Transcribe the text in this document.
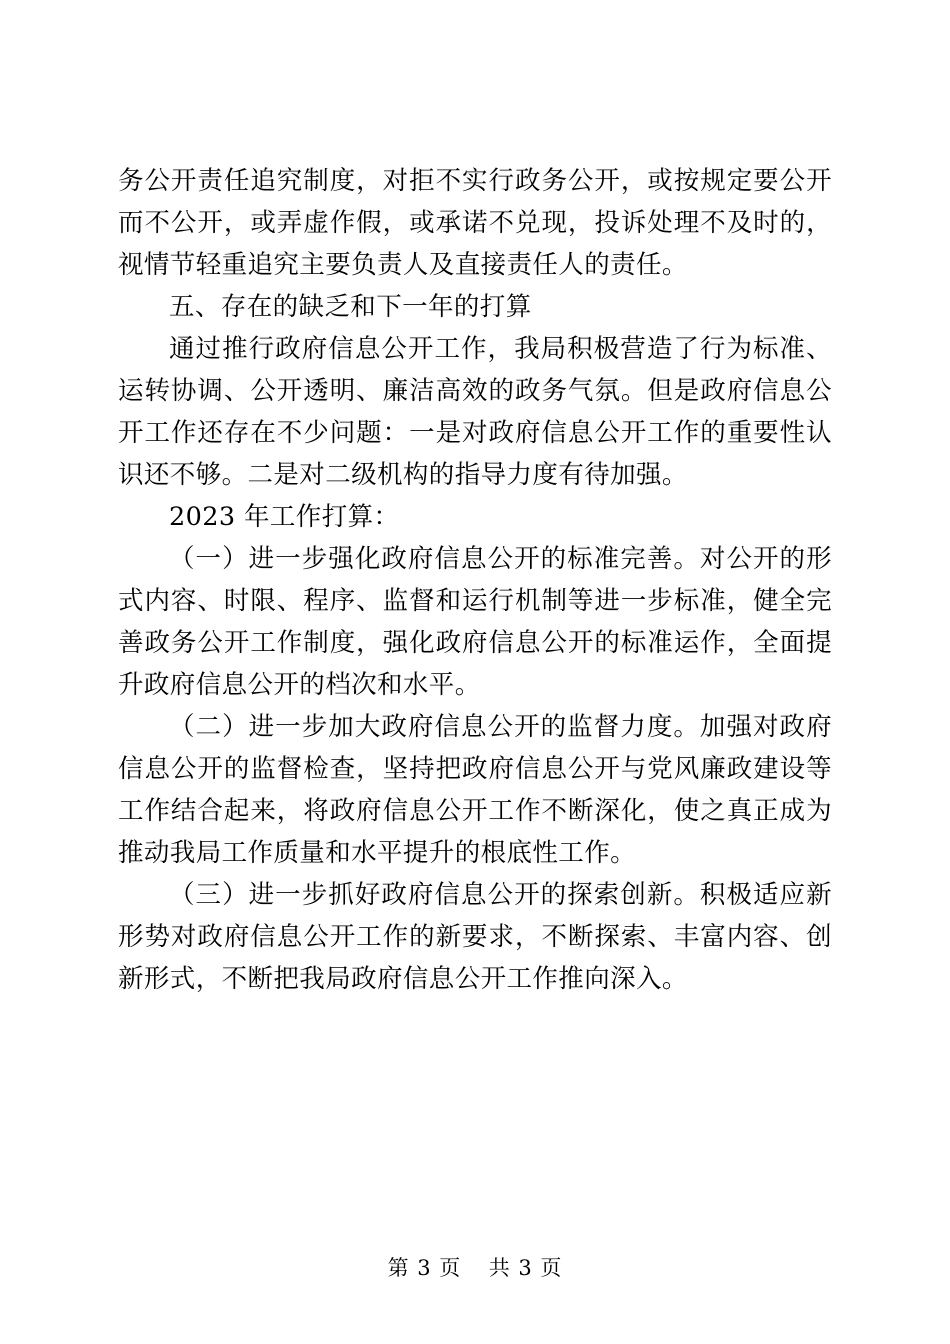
务公开责任追究制度，对拒不实行政务公开，或按规定要公开而不公开，或弄虚作假，或承诺不兑现，投诉处理不及时的，视情节轻重追究主要负责人及直接责任人的责任。

五、存在的缺乏和下一年的打算

通过推行政府信息公开工作，我局积极营造了行为标准、运转协调、公开透明、廉洁高效的政务气氛。但是政府信息公开工作还存在不少问题：一是对政府信息公开工作的重要性认识还不够。二是对二级机构的指导力度有待加强。

2023 年工作打算：

（一）进一步强化政府信息公开的标准完善。对公开的形式内容、时限、程序、监督和运行机制等进一步标准，健全完善政务公开工作制度，强化政府信息公开的标准运作，全面提升政府信息公开的档次和水平。

（二）进一步加大政府信息公开的监督力度。加强对政府信息公开的监督检查，坚持把政府信息公开与党风廉政建设等工作结合起来，将政府信息公开工作不断深化，使之真正成为推动我局工作质量和水平提升的根底性工作。

（三）进一步抓好政府信息公开的探索创新。积极适应新形势对政府信息公开工作的新要求，不断探索、丰富内容、创新形式，不断把我局政府信息公开工作推向深入。

第 3 页 共 3 页
